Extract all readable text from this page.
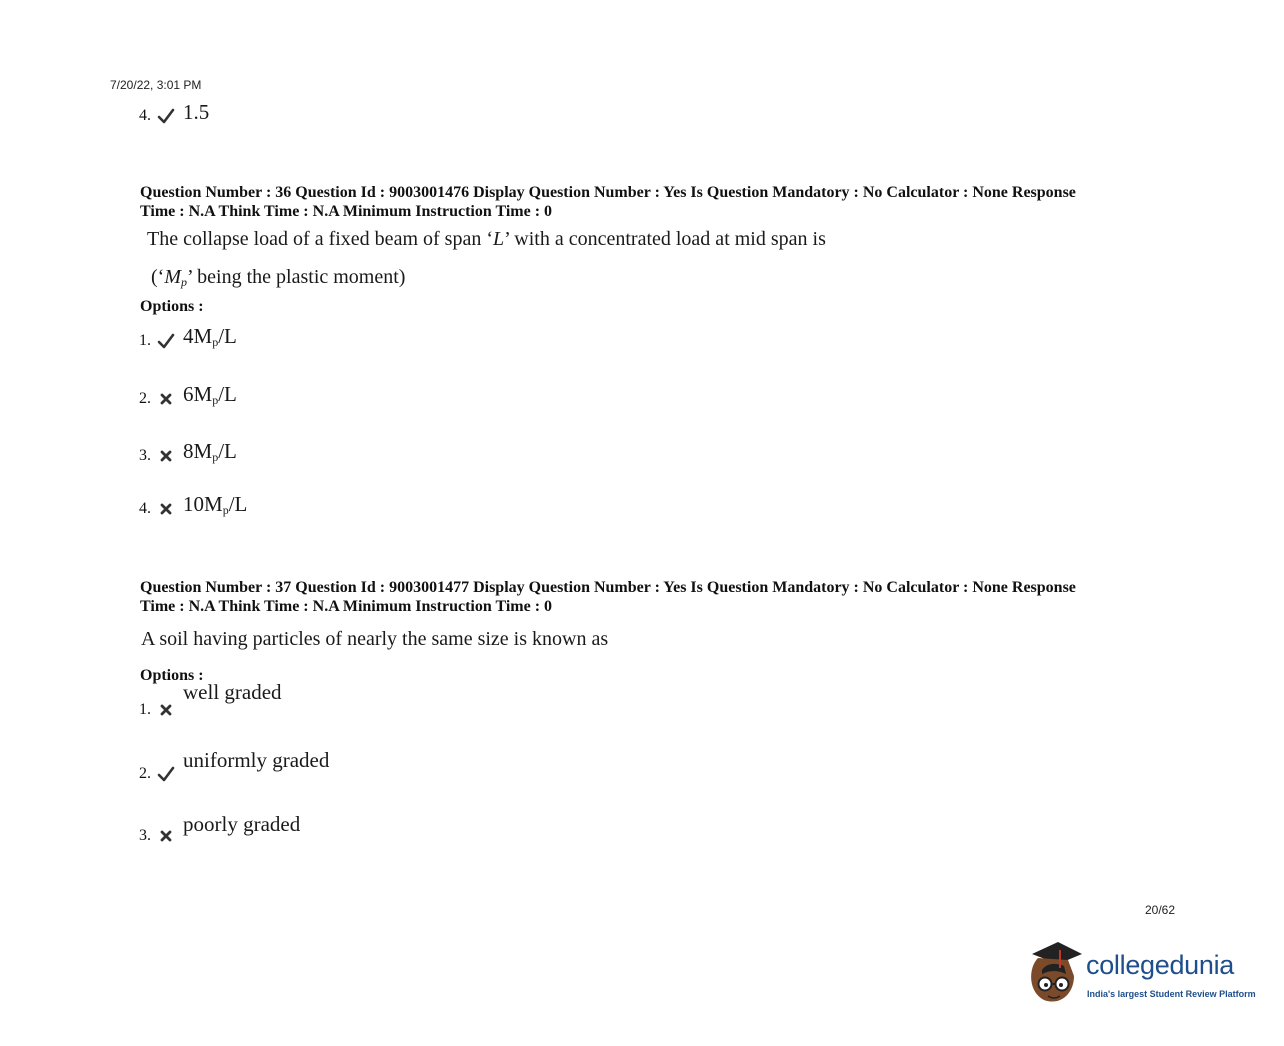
7/20/22, 3:01 PM
4. 1.5
Question Number : 36 Question Id : 9003001476 Display Question Number : Yes Is Question Mandatory : No Calculator : None Response
Time : N.A Think Time : N.A Minimum Instruction Time : 0
The collapse load of a fixed beam of span ‘L’ with a concentrated load at mid span is
(‘$M_p$’ being the plastic moment)
Options :
1. $4M_p/L$
2. $6M_p/L$
3. $8M_p/L$
4. $10M_p/L$
Question Number : 37 Question Id : 9003001477 Display Question Number : Yes Is Question Mandatory : No Calculator : None Response
Time : N.A Think Time : N.A Minimum Instruction Time : 0
A soil having particles of nearly the same size is known as
Options :
1.
well graded
2.
uniformly graded
3. poorly graded
20/62
collegedunia
India's largest Student Review Platform
